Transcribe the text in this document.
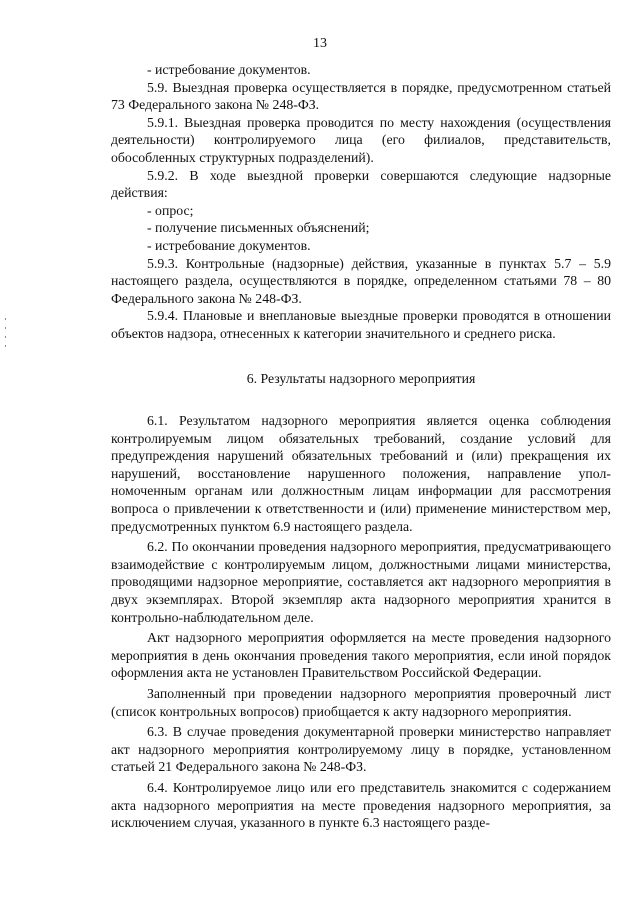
13

- истребование документов.

5.9. Выездная проверка осуществляется в порядке, предусмотренном статьей 73 Федерального закона № 248-ФЗ.

5.9.1. Выездная проверка проводится по месту нахождения (осуществления деятельности) контролируемого лица (его филиалов, представительств, обособленных структурных подразделений).

5.9.2. В ходе выездной проверки совершаются следующие надзорные действия:

- опрос;

- получение письменных объяснений;

- истребование документов.

5.9.3. Контрольные (надзорные) действия, указанные в пунктах 5.7 – 5.9 настоящего раздела, осуществляются в порядке, определенном статьями 78 – 80 Федерального закона № 248-ФЗ.

5.9.4. Плановые и внеплановые выездные проверки проводятся в отношении объектов надзора, отнесенных к категории значительного и среднего риска.

6. Результаты надзорного мероприятия

6.1. Результатом надзорного мероприятия является оценка соблюдения контролируемым лицом обязательных требований, создание условий для предупреждения нарушений обязательных требований и (или) прекращения их нарушений, восстановление нарушенного положения, направление уполномоченным органам или должностным лицам информации для рассмотрения вопроса о привлечении к ответственности и (или) применение министерством мер, предусмотренных пунктом 6.9 настоящего раздела.

6.2. По окончании проведения надзорного мероприятия, предусматривающего взаимодействие с контролируемым лицом, должностными лицами министерства, проводящими надзорное мероприятие, составляется акт надзорного мероприятия в двух экземплярах. Второй экземпляр акта надзорного мероприятия хранится в контрольно-наблюдательном деле.

Акт надзорного мероприятия оформляется на месте проведения надзорного мероприятия в день окончания проведения такого мероприятия, если иной порядок оформления акта не установлен Правительством Российской Федерации.

Заполненный при проведении надзорного мероприятия проверочный лист (список контрольных вопросов) приобщается к акту надзорного мероприятия.

6.3. В случае проведения документарной проверки министерство направляет акт надзорного мероприятия контролируемому лицу в порядке, установленном статьей 21 Федерального закона № 248-ФЗ.

6.4. Контролируемое лицо или его представитель знакомится с содержанием акта надзорного мероприятия на месте проведения надзорного мероприятия, за исключением случая, указанного в пункте 6.3 настоящего разде-
